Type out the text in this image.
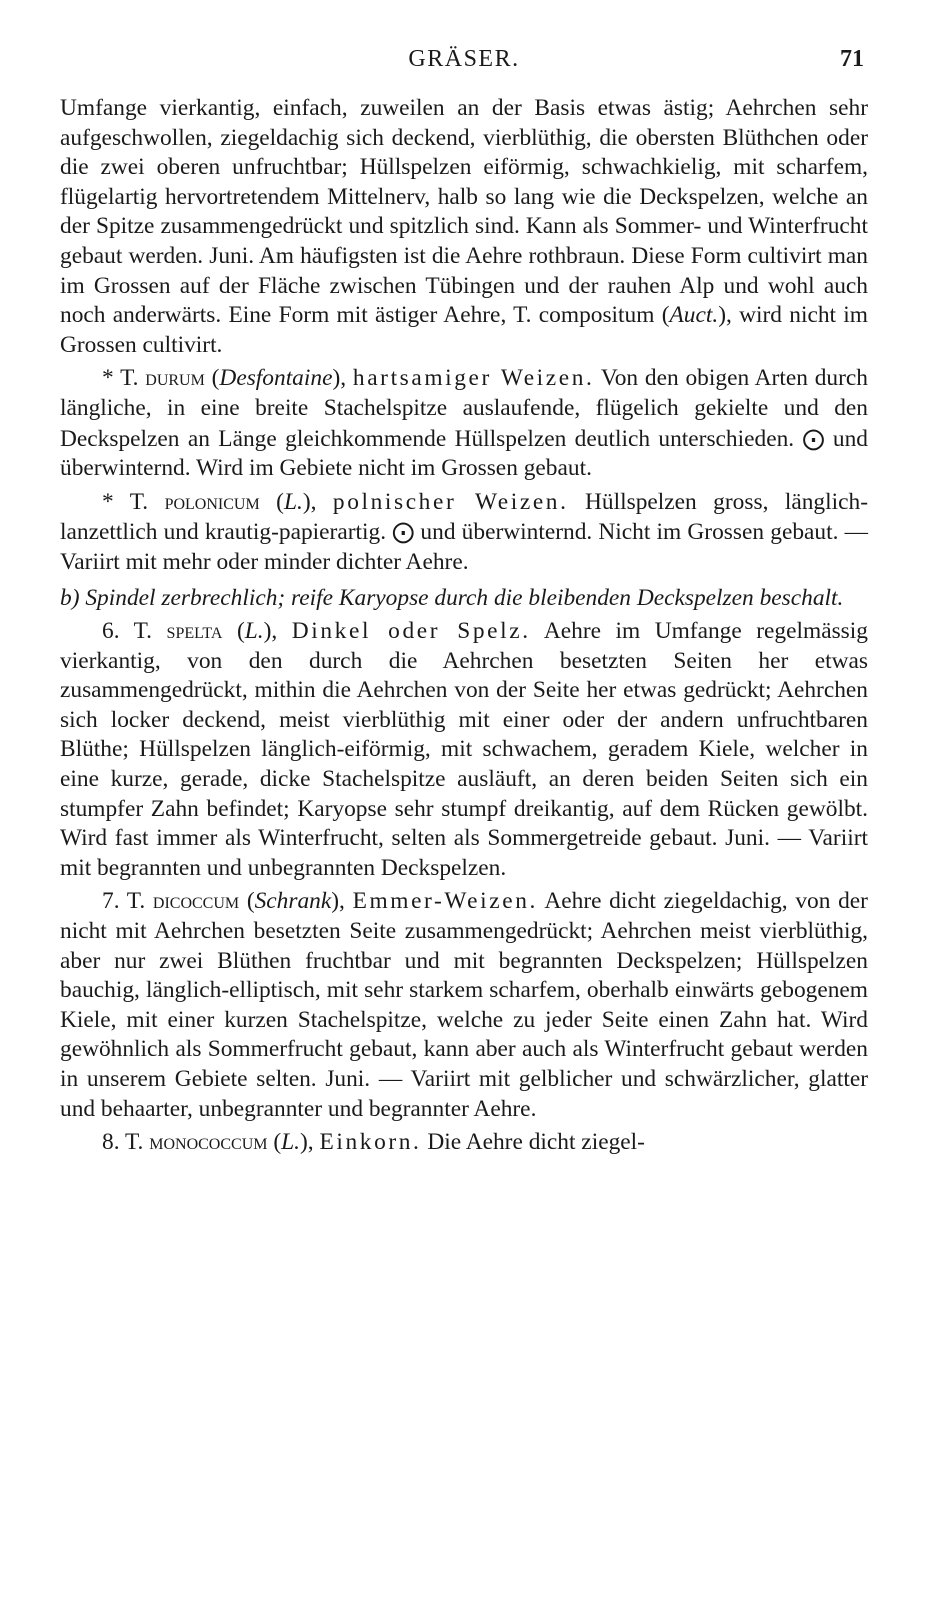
GRÄSER.	71

Umfange vierkantig, einfach, zuweilen an der Basis etwas ästig; Aehrchen sehr aufgeschwollen, ziegeldachig sich deckend, vierblüthig, die obersten Blüthchen oder die zwei oberen unfruchtbar; Hüllspelzen eiförmig, schwachkielig, mit scharfem, flügelartig hervortretendem Mittelnerv, halb so lang wie die Deckspelzen, welche an der Spitze zusammengedrückt und spitzlich sind. Kann als Sommer- und Winterfrucht gebaut werden. Juni. Am häufigsten ist die Aehre rothbraun. Diese Form cultivirt man im Grossen auf der Fläche zwischen Tübingen und der rauhen Alp und wohl auch noch anderwärts. Eine Form mit ästiger Aehre, T. compositum (Auct.), wird nicht im Grossen cultivirt.

* T. durum (Desfontaine), hartsamiger Weizen. Von den obigen Arten durch längliche, in eine breite Stachelspitze auslaufende, flügelich gekielte und den Deckspelzen an Länge gleichkommende Hüllspelzen deutlich unterschieden. ⨀ und überwinternd. Wird im Gebiete nicht im Grossen gebaut.

* T. polonicum (L.), polnischer Weizen. Hüllspelzen gross, länglich-lanzettlich und krautig-papierartig. ⨀ und überwinternd. Nicht im Grossen gebaut. — Variirt mit mehr oder minder dichter Aehre.

b) Spindel zerbrechlich; reife Karyopse durch die bleibenden Deckspelzen beschalt.

6. T. spelta (L.), Dinkel oder Spelz. Aehre im Umfange regelmässig vierkantig, von den durch die Aehrchen besetzten Seiten her etwas zusammengedrückt, mithin die Aehrchen von der Seite her etwas gedrückt; Aehrchen sich locker deckend, meist vierblüthig mit einer oder der andern unfruchtbaren Blüthe; Hüllspelzen länglich-eiförmig, mit schwachem, geradem Kiele, welcher in eine kurze, gerade, dicke Stachelspitze ausläuft, an deren beiden Seiten sich ein stumpfer Zahn befindet; Karyopse sehr stumpf dreikantig, auf dem Rücken gewölbt. Wird fast immer als Winterfrucht, selten als Sommergetreide gebaut. Juni. — Variirt mit begrannten und unbegrannten Deckspelzen.

7. T. dicoccum (Schrank), Emmer-Weizen. Aehre dicht ziegeldachig, von der nicht mit Aehrchen besetzten Seite zusammengedrückt; Aehrchen meist vierblüthig, aber nur zwei Blüthen fruchtbar und mit begrannten Deckspelzen; Hüllspelzen bauchig, länglich-elliptisch, mit sehr starkem scharfem, oberhalb einwärts gebogenem Kiele, mit einer kurzen Stachelspitze, welche zu jeder Seite einen Zahn hat. Wird gewöhnlich als Sommerfrucht gebaut, kann aber auch als Winterfrucht gebaut werden in unserem Gebiete selten. Juni. — Variirt mit gelblicher und schwärzlicher, glatter und behaarter, unbegrannter und begrannter Aehre.

8. T. monococcum (L.), Einkorn. Die Aehre dicht ziegel-
